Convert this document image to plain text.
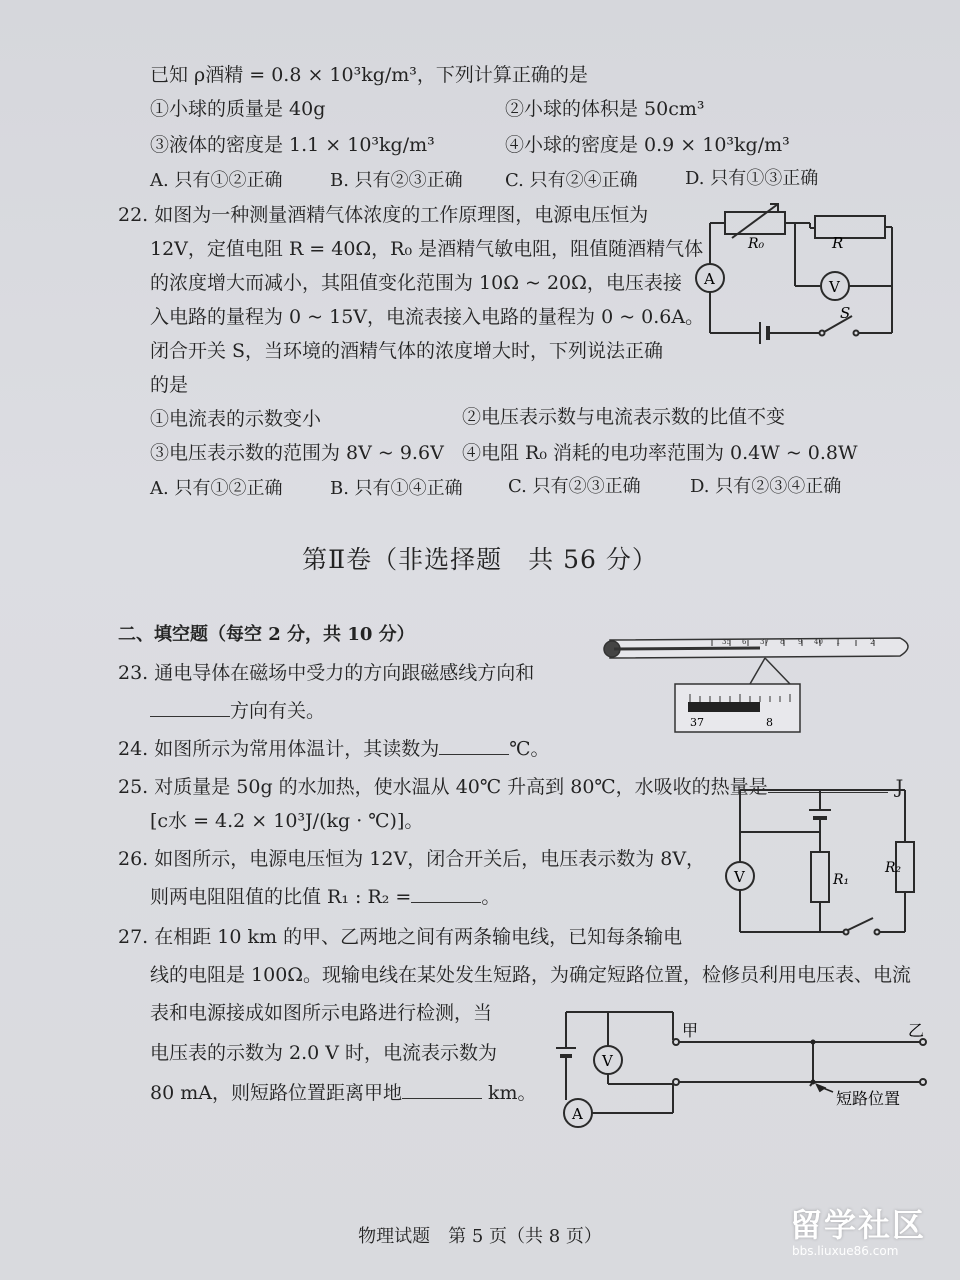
已知 ρ酒精 = 0.8 × 10³kg/m³，下列计算正确的是
①小球的质量是 40g	②小球的体积是 50cm³
③液体的密度是 1.1 × 10³kg/m³	④小球的密度是 0.9 × 10³kg/m³
A. 只有①②正确	B. 只有②③正确 C. 只有②④正确	D. 只有①③正确
22. 如图为一种测量酒精气体浓度的工作原理图，电源电压恒为
12V，定值电阻 R = 40Ω，R₀ 是酒精气敏电阻，阻值随酒精气体
的浓度增大而减小，其阻值变化范围为 10Ω ~ 20Ω，电压表接
入电路的量程为 0 ~ 15V，电流表接入电路的量程为 0 ~ 0.6A。
闭合开关 S，当环境的酒精气体的浓度增大时，下列说法正确
的是
①电流表的示数变小	②电压表示数与电流表示数的比值不变
③电压表示数的范围为 8V ~ 9.6V ④电阻 R₀ 消耗的电功率范围为 0.4W ~ 0.8W
A. 只有①②正确	B. 只有①④正确	C. 只有②③正确	D. 只有②③④正确
R₀	R
V
A
S
第Ⅱ卷（非选择题　共 56 分）
二、填空题（每空 2 分，共 10 分）
23. 通电导体在磁场中受力的方向跟磁感线方向和
方向有关。
35 6 37 8 9 40 1	2
37	8
24. 如图所示为常用体温计，其读数为	℃。
25. 对质量是 50g 的水加热，使水温从 40℃ 升高到 80℃，水吸收的热量是	J
[c水 = 4.2 × 10³J/(kg · ℃)]。
26. 如图所示，电源电压恒为 12V，闭合开关后，电压表示数为 8V，
则两电阻阻值的比值 R₁ : R₂ =	。
V	R₁
R₂
27. 在相距 10 km 的甲、乙两地之间有两条输电线，已知每条输电
线的电阻是 100Ω。现输电线在某处发生短路，为确定短路位置，检修员利用电压表、电流
表和电源接成如图所示电路进行检测，当
电压表的示数为 2.0 V 时，电流表示数为
80 mA，则短路位置距离甲地	km。
V
A
甲	乙
短路位置
物理试题　第 5 页（共 8 页）	留学社区
bbs.liuxue86.com
